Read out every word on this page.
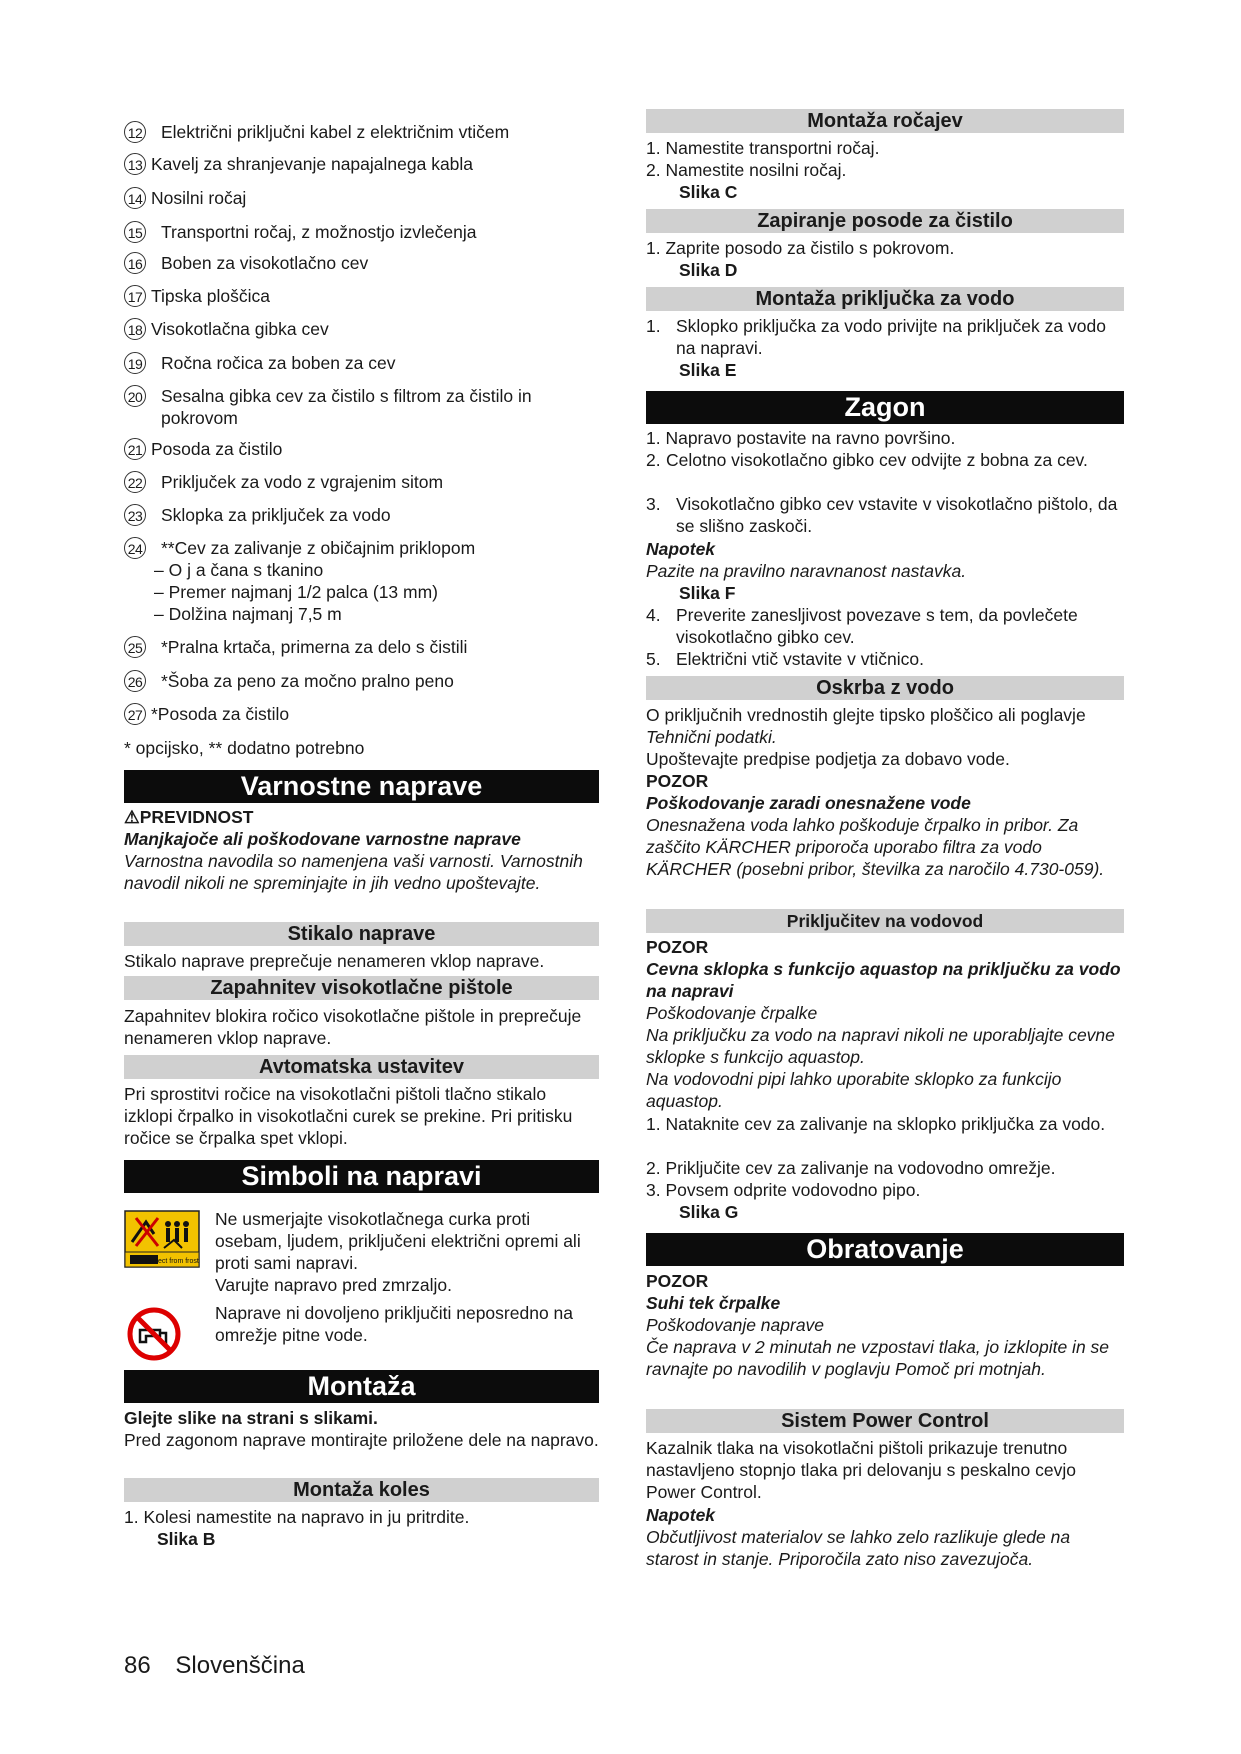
12 Električni priključni kabel z električnim vtičem
13 Kavelj za shranjevanje napajalnega kabla
14 Nosilni ročaj
15 Transportni ročaj, z možnostjo izvlečenja
16 Boben za visokotlačno cev
17 Tipska ploščica
18 Visokotlačna gibka cev
19 Ročna ročica za boben za cev
20 Sesalna gibka cev za čistilo s filtrom za čistilo in pokrovom
21 Posoda za čistilo
22 Priključek za vodo z vgrajenim sitom
23 Sklopka za priključek za vodo
24 **Cev za zalivanje z običajnim priklopom
– O j a čana s tkanino
– Premer najmanj 1/2 palca (13 mm)
– Dolžina najmanj 7,5 m
25 *Pralna krtača, primerna za delo s čistili
26 *Šoba za peno za močno pralno peno
27 *Posoda za čistilo
* opcijsko, ** dodatno potrebno
Varnostne naprave
⚠PREVIDNOST
Manjkajoče ali poškodovane varnostne naprave
Varnostna navodila so namenjena vaši varnosti. Varnostnih navodil nikoli ne spreminjajte in jih vedno upoštevajte.
Stikalo naprave
Stikalo naprave preprečuje nenameren vklop naprave.
Zapahnitev visokotlačne pištole
Zapahnitev blokira ročico visokotlačne pištole in preprečuje nenameren vklop naprave.
Avtomatska ustavitev
Pri sprostitvi ročice na visokotlačni pištoli tlačno stikalo izklopi črpalko in visokotlačni curek se prekine. Pri pritisku ročice se črpalka spet vklopi.
Simboli na napravi
Protect from frost
Ne usmerjajte visokotlačnega curka proti osebam, ljudem, priključeni električni opremi ali proti sami napravi.
Varujte napravo pred zmrzaljo.
Naprave ni dovoljeno priključiti neposredno na omrežje pitne vode.
Montaža
Glejte slike na strani s slikami.
Pred zagonom naprave montirajte priložene dele na napravo.
Montaža koles
1. Kolesi namestite na napravo in ju pritrdite.
Slika B
Montaža ročajev
1. Namestite transportni ročaj.
2. Namestite nosilni ročaj.
Slika C
Zapiranje posode za čistilo
1. Zaprite posodo za čistilo s pokrovom.
Slika D
Montaža priključka za vodo
1. Sklopko priključka za vodo privijte na priključek za vodo na napravi.
Slika E
Zagon
1. Napravo postavite na ravno površino.
2. Celotno visokotlačno gibko cev odvijte z bobna za cev.
3. Visokotlačno gibko cev vstavite v visokotlačno pištolo, da se slišno zaskoči.
Napotek
Pazite na pravilno naravnanost nastavka.
Slika F
4. Preverite zanesljivost povezave s tem, da povlečete visokotlačno gibko cev.
5. Električni vtič vstavite v vtičnico.
Oskrba z vodo
O priključnih vrednostih glejte tipsko ploščico ali poglavje Tehnični podatki.
Upoštevajte predpise podjetja za dobavo vode.
POZOR
Poškodovanje zaradi onesnažene vode
Onesnažena voda lahko poškoduje črpalko in pribor. Za zaščito KÄRCHER priporoča uporabo filtra za vodo KÄRCHER (posebni pribor, številka za naročilo 4.730-059).
Priključitev na vodovod
POZOR
Cevna sklopka s funkcijo aquastop na priključku za vodo na napravi
Poškodovanje črpalke
Na priključku za vodo na napravi nikoli ne uporabljajte cevne sklopke s funkcijo aquastop.
Na vodovodni pipi lahko uporabite sklopko za funkcijo aquastop.
1. Nataknite cev za zalivanje na sklopko priključka za vodo.
2. Priključite cev za zalivanje na vodovodno omrežje.
3. Povsem odprite vodovodno pipo.
Slika G
Obratovanje
POZOR
Suhi tek črpalke
Poškodovanje naprave
Če naprava v 2 minutah ne vzpostavi tlaka, jo izklopite in se ravnajte po navodilih v poglavju Pomoč pri motnjah.
Sistem Power Control
Kazalnik tlaka na visokotlačni pištoli prikazuje trenutno nastavljeno stopnjo tlaka pri delovanju s peskalno cevjo Power Control.
Napotek
Občutljivost materialov se lahko zelo razlikuje glede na starost in stanje. Priporočila zato niso zavezujoča.
86 Slovenščina
